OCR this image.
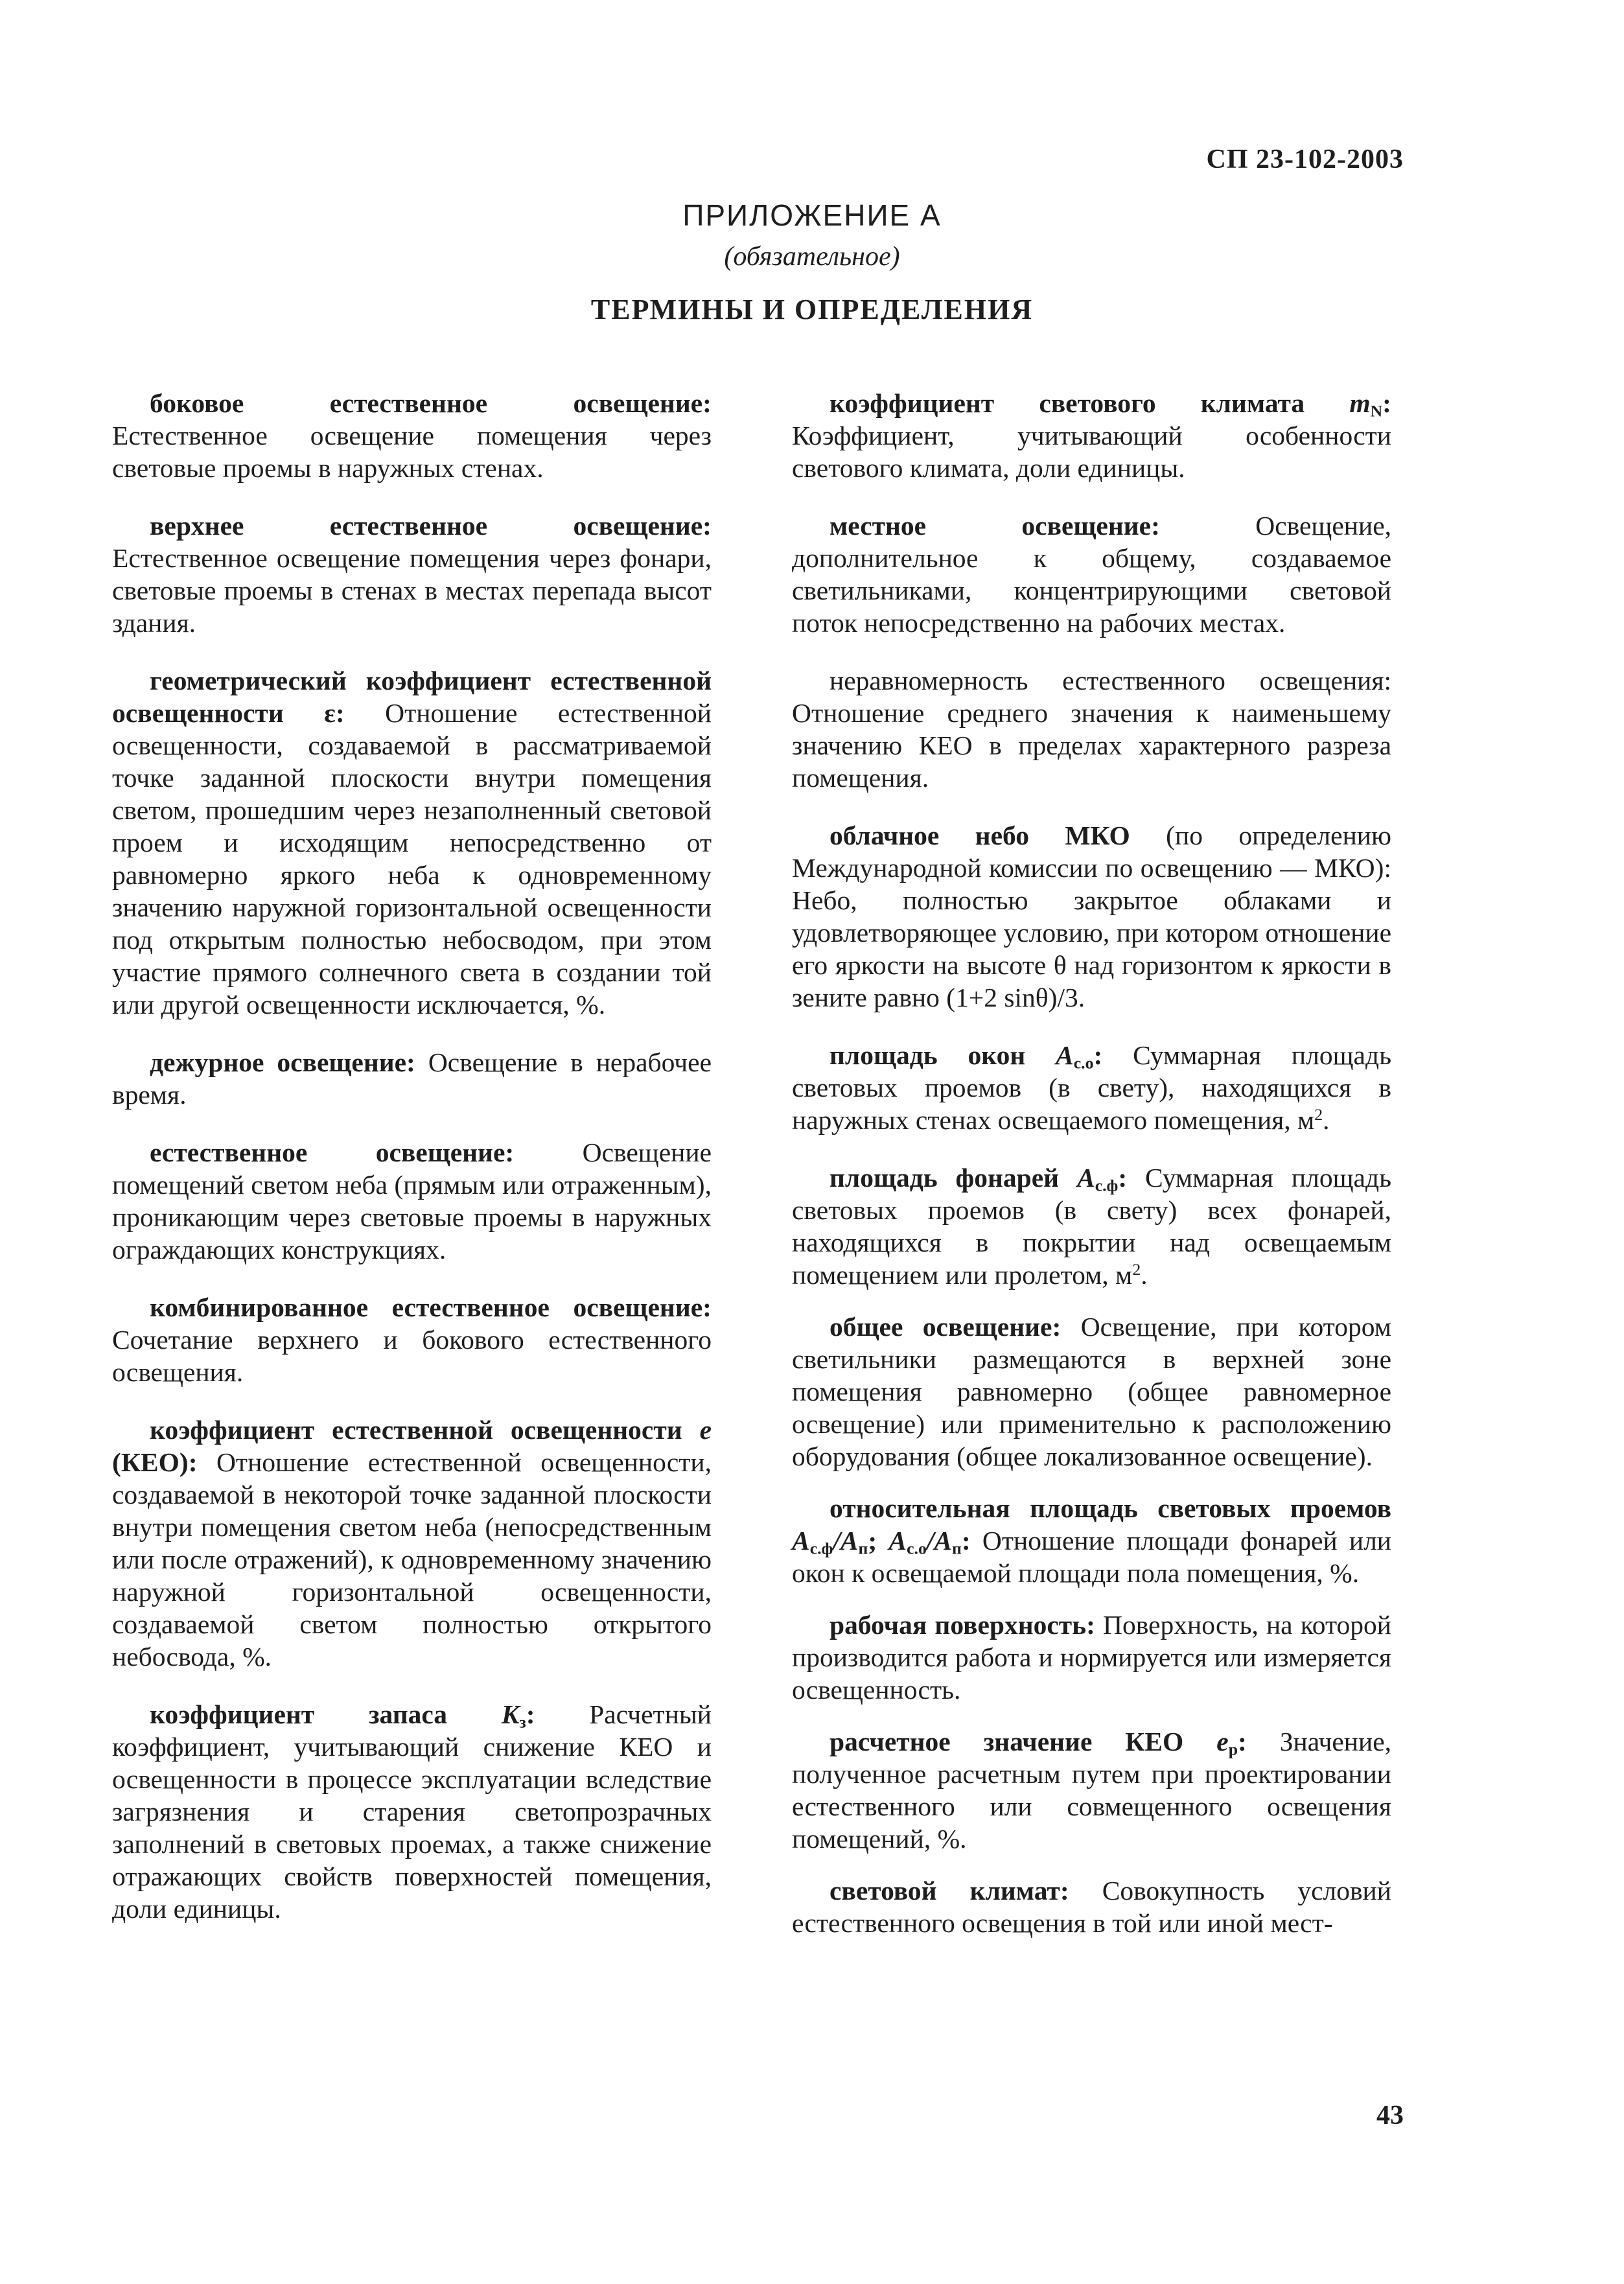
СП 23-102-2003
ПРИЛОЖЕНИЕ А
(обязательное)
ТЕРМИНЫ И ОПРЕДЕЛЕНИЯ

боковое естественное освещение: Естественное освещение помещения через световые проемы в наружных стенах.

верхнее естественное освещение: Естественное освещение помещения через фонари, световые проемы в стенах в местах перепада высот здания.

геометрический коэффициент естественной освещенности ε: Отношение естественной освещенности, создаваемой в рассматриваемой точке заданной плоскости внутри помещения светом, прошедшим через незаполненный световой проем и исходящим непосредственно от равномерно яркого неба к одновременному значению наружной горизонтальной освещенности под открытым полностью небосводом, при этом участие прямого солнечного света в создании той или другой освещенности исключается, %.

дежурное освещение: Освещение в нерабочее время.

естественное освещение: Освещение помещений светом неба (прямым или отраженным), проникающим через световые проемы в наружных ограждающих конструкциях.

комбинированное естественное освещение: Сочетание верхнего и бокового естественного освещения.

коэффициент естественной освещенности e (КЕО): Отношение естественной освещенности, создаваемой в некоторой точке заданной плоскости внутри помещения светом неба (непосредственным или после отражений), к одновременному значению наружной горизонтальной освещенности, создаваемой светом полностью открытого небосвода, %.

коэффициент запаса $K_з$: Расчетный коэффициент, учитывающий снижение КЕО и освещенности в процессе эксплуатации вследствие загрязнения и старения светопрозрачных заполнений в световых проемах, а также снижение отражающих свойств поверхностей помещения, доли единицы.

коэффициент светового климата $m_N$: Коэффициент, учитывающий особенности светового климата, доли единицы.

местное освещение: Освещение, дополнительное к общему, создаваемое светильниками, концентрирующими световой поток непосредственно на рабочих местах.

неравномерность естественного освещения: Отношение среднего значения к наименьшему значению КЕО в пределах характерного разреза помещения.

облачное небо МКО (по определению Международной комиссии по освещению — МКО): Небо, полностью закрытое облаками и удовлетворяющее условию, при котором отношение его яркости на высоте θ над горизонтом к яркости в зените равно (1+2 sinθ)/3.

площадь окон $A_{с.о}$: Суммарная площадь световых проемов (в свету), находящихся в наружных стенах освещаемого помещения, $м^2$.

площадь фонарей $A_{с.ф}$: Суммарная площадь световых проемов (в свету) всех фонарей, находящихся в покрытии над освещаемым помещением или пролетом, $м^2$.

общее освещение: Освещение, при котором светильники размещаются в верхней зоне помещения равномерно (общее равномерное освещение) или применительно к расположению оборудования (общее локализованное освещение).

относительная площадь световых проемов $A_{с.ф}/A_п$; $A_{с.о}/A_п$: Отношение площади фонарей или окон к освещаемой площади пола помещения, %.

рабочая поверхность: Поверхность, на которой производится работа и нормируется или измеряется освещенность.

расчетное значение КЕО $e_р$: Значение, полученное расчетным путем при проектировании естественного или совмещенного освещения помещений, %.

световой климат: Совокупность условий естественного освещения в той или иной мест-

43
